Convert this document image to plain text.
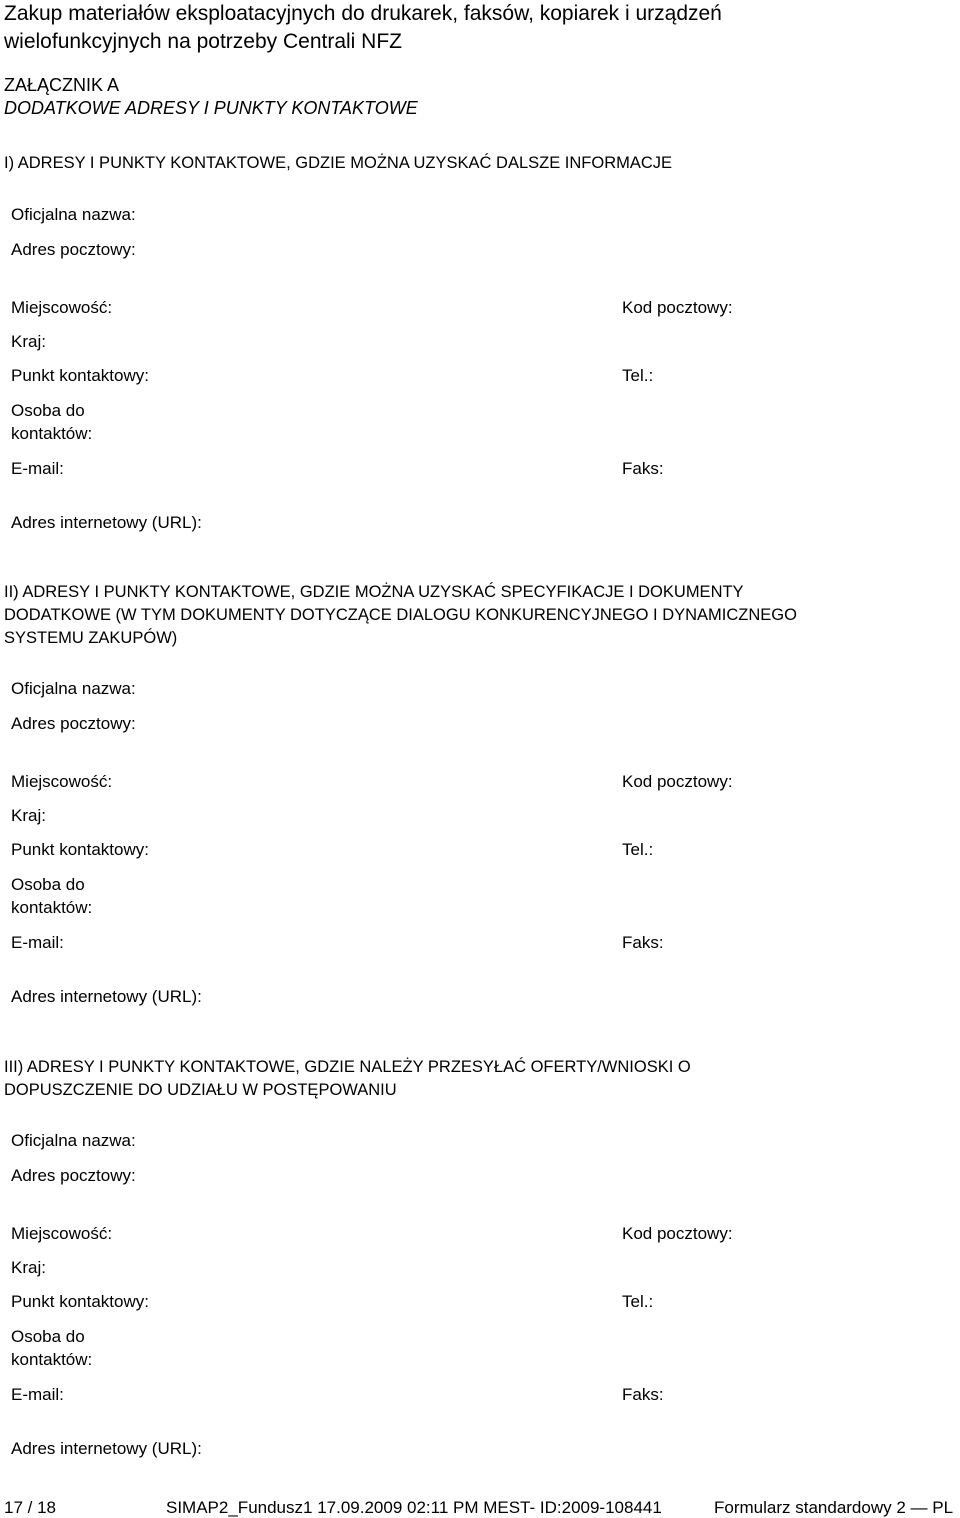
Zakup materiałów eksploatacyjnych do drukarek, faksów, kopiarek i urządzeń
wielofunkcyjnych na potrzeby Centrali NFZ
ZAŁĄCZNIK A
DODATKOWE ADRESY I PUNKTY KONTAKTOWE
I) ADRESY I PUNKTY KONTAKTOWE, GDZIE MOŻNA UZYSKAĆ DALSZE INFORMACJE
Oficjalna nazwa:
Adres pocztowy:
Miejscowość:	Kod pocztowy:
Kraj:
Punkt kontaktowy:	Tel.:
Osoba do
kontaktów:
E-mail:	Faks:
Adres internetowy (URL):
II) ADRESY I PUNKTY KONTAKTOWE, GDZIE MOŻNA UZYSKAĆ SPECYFIKACJE I DOKUMENTY
DODATKOWE (W TYM DOKUMENTY DOTYCZĄCE DIALOGU KONKURENCYJNEGO I DYNAMICZNEGO
SYSTEMU ZAKUPÓW)
Oficjalna nazwa:
Adres pocztowy:
Miejscowość:	Kod pocztowy:
Kraj:
Punkt kontaktowy:	Tel.:
Osoba do
kontaktów:
E-mail:	Faks:
Adres internetowy (URL):
III) ADRESY I PUNKTY KONTAKTOWE, GDZIE NALEŻY PRZESYŁAĆ OFERTY/WNIOSKI O
DOPUSZCZENIE DO UDZIAŁU W POSTĘPOWANIU
Oficjalna nazwa:
Adres pocztowy:
Miejscowość:	Kod pocztowy:
Kraj:
Punkt kontaktowy:	Tel.:
Osoba do
kontaktów:
E-mail:	Faks:
Adres internetowy (URL):
17 / 18	SIMAP2_Fundusz1 17.09.2009 02:11 PM MEST- ID:2009-108441	Formularz standardowy 2 — PL
